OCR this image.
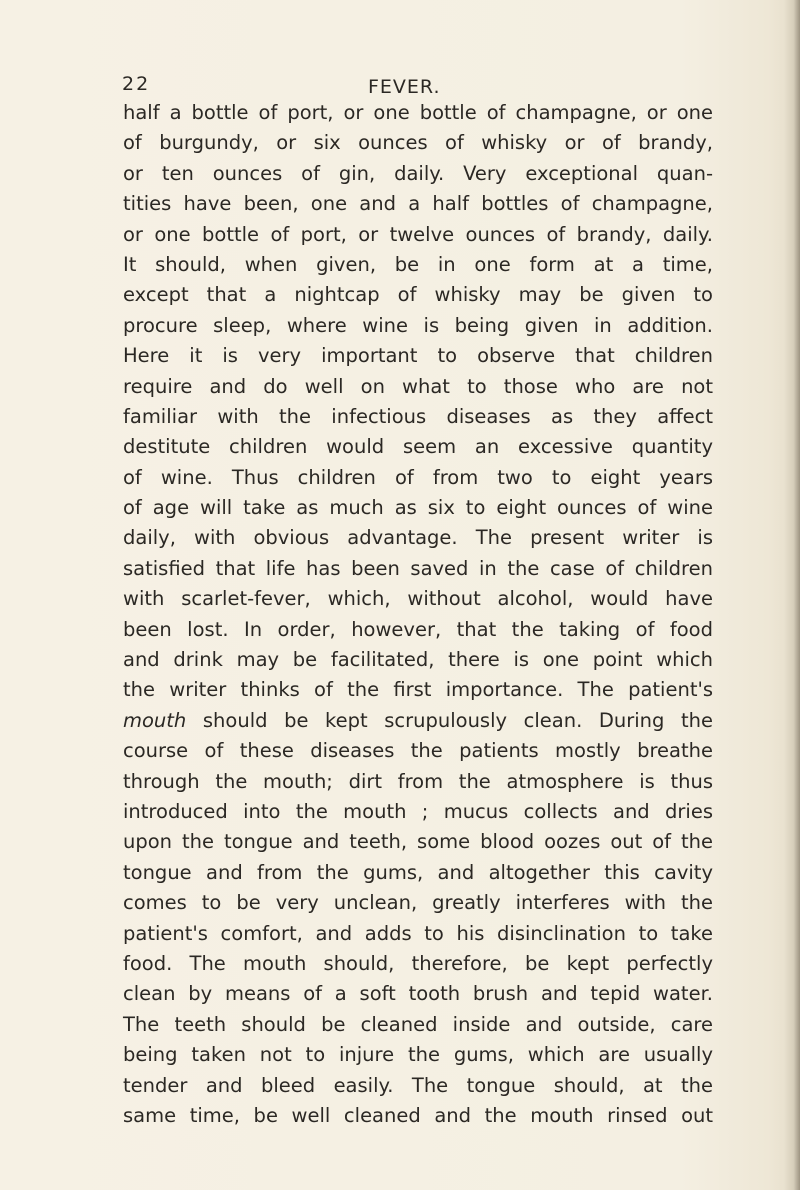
22	FEVER.
half a bottle of port, or one bottle of champagne, or one
of burgundy, or six ounces of whisky or of brandy,
or ten ounces of gin, daily. Very exceptional quan-
tities have been, one and a half bottles of champagne,
or one bottle of port, or twelve ounces of brandy, daily.
It should, when given, be in one form at a time,
except that a nightcap of whisky may be given to
procure sleep, where wine is being given in addition.
Here it is very important to observe that children
require and do well on what to those who are not
familiar with the infectious diseases as they affect
destitute children would seem an excessive quantity
of wine. Thus children of from two to eight years
of age will take as much as six to eight ounces of wine
daily, with obvious advantage. The present writer is
satisfied that life has been saved in the case of children
with scarlet-fever, which, without alcohol, would have
been lost. In order, however, that the taking of food
and drink may be facilitated, there is one point which
the writer thinks of the first importance. The patient's
mouth should be kept scrupulously clean. During the
course of these diseases the patients mostly breathe
through the mouth; dirt from the atmosphere is thus
introduced into the mouth ; mucus collects and dries
upon the tongue and teeth, some blood oozes out of the
tongue and from the gums, and altogether this cavity
comes to be very unclean, greatly interferes with the
patient's comfort, and adds to his disinclination to take
food. The mouth should, therefore, be kept perfectly
clean by means of a soft tooth brush and tepid water.
The teeth should be cleaned inside and outside, care
being taken not to injure the gums, which are usually
tender and bleed easily. The tongue should, at the
same time, be well cleaned and the mouth rinsed out
